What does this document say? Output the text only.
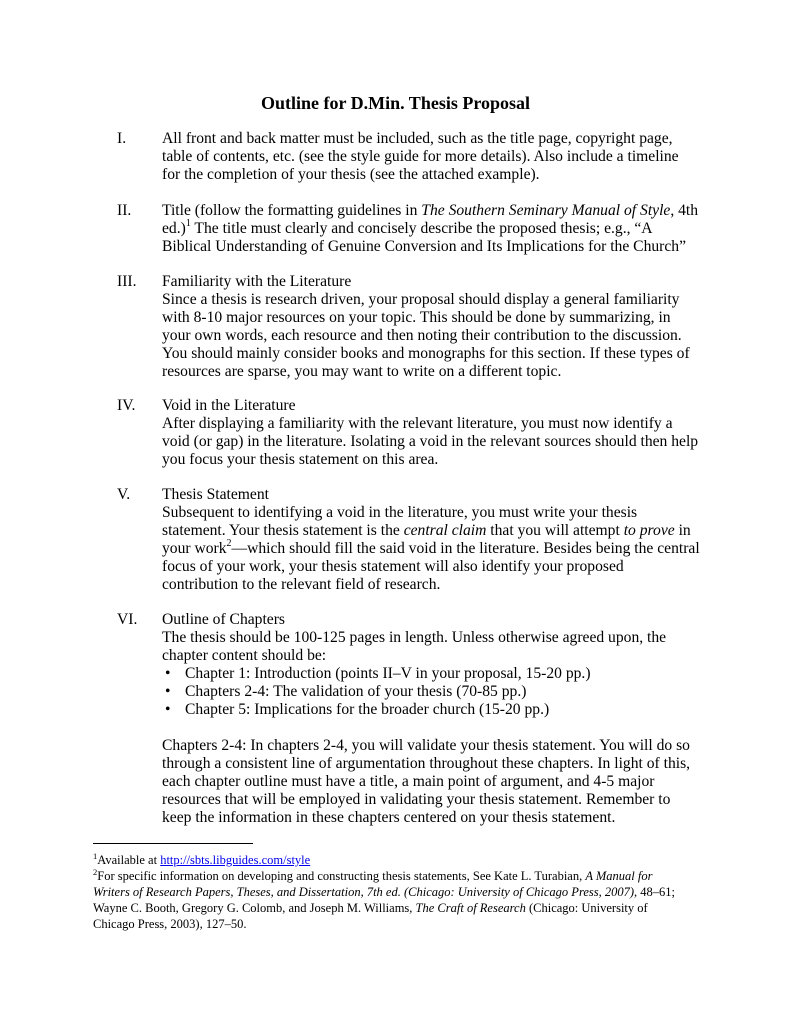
Outline for D.Min. Thesis Proposal
I. All front and back matter must be included, such as the title page, copyright page,
table of contents, etc. (see the style guide for more details). Also include a timeline
for the completion of your thesis (see the attached example).
II. Title (follow the formatting guidelines in The Southern Seminary Manual of Style, 4th
ed.)$^1$ The title must clearly and concisely describe the proposed thesis; e.g., “A
Biblical Understanding of Genuine Conversion and Its Implications for the Church”
III. Familiarity with the Literature
Since a thesis is research driven, your proposal should display a general familiarity
with 8-10 major resources on your topic. This should be done by summarizing, in
your own words, each resource and then noting their contribution to the discussion.
You should mainly consider books and monographs for this section. If these types of
resources are sparse, you may want to write on a different topic.
IV. Void in the Literature
After displaying a familiarity with the relevant literature, you must now identify a
void (or gap) in the literature. Isolating a void in the relevant sources should then help
you focus your thesis statement on this area.
V. Thesis Statement
Subsequent to identifying a void in the literature, you must write your thesis
statement. Your thesis statement is the central claim that you will attempt to prove in
your work$^2$—which should fill the said void in the literature. Besides being the central
focus of your work, your thesis statement will also identify your proposed
contribution to the relevant field of research.
VI. Outline of Chapters
The thesis should be 100-125 pages in length. Unless otherwise agreed upon, the
chapter content should be:
• Chapter 1: Introduction (points II–V in your proposal, 15-20 pp.)
• Chapters 2-4: The validation of your thesis (70-85 pp.)
• Chapter 5: Implications for the broader church (15-20 pp.)
Chapters 2-4: In chapters 2-4, you will validate your thesis statement. You will do so
through a consistent line of argumentation throughout these chapters. In light of this,
each chapter outline must have a title, a main point of argument, and 4-5 major
resources that will be employed in validating your thesis statement. Remember to
keep the information in these chapters centered on your thesis statement.
$^1$Available at http://sbts.libguides.com/style
$^2$For specific information on developing and constructing thesis statements, See Kate L. Turabian, A Manual for
Writers of Research Papers, Theses, and Dissertation, 7th ed. (Chicago: University of Chicago Press, 2007), 48–61;
Wayne C. Booth, Gregory G. Colomb, and Joseph M. Williams, The Craft of Research (Chicago: University of
Chicago Press, 2003), 127–50.
